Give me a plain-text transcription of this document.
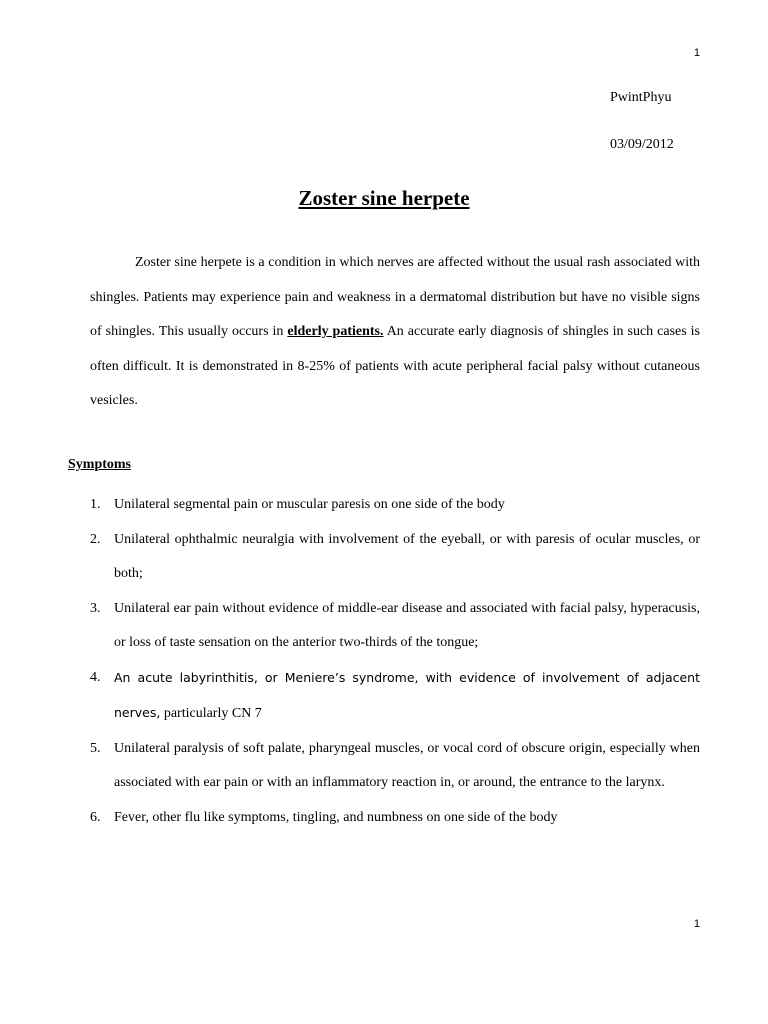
1
PwintPhyu
03/09/2012
Zoster sine herpete

Zoster sine herpete is a condition in which nerves are affected without the usual rash associated with shingles. Patients may experience pain and weakness in a dermatomal distribution but have no visible signs of shingles. This usually occurs in elderly patients. An accurate early diagnosis of shingles in such cases is often difficult. It is demonstrated in 8-25% of patients with acute peripheral facial palsy without cutaneous vesicles.

Symptoms
1. Unilateral segmental pain or muscular paresis on one side of the body
2. Unilateral ophthalmic neuralgia with involvement of the eyeball, or with paresis of ocular muscles, or both;
3. Unilateral ear pain without evidence of middle-ear disease and associated with facial palsy, hyperacusis, or loss of taste sensation on the anterior two-thirds of the tongue;
4. An acute labyrinthitis, or Meniere’s syndrome, with evidence of involvement of adjacent nerves, particularly CN 7
5. Unilateral paralysis of soft palate, pharyngeal muscles, or vocal cord of obscure origin, especially when associated with ear pain or with an inflammatory reaction in, or around, the entrance to the larynx.
6. Fever, other flu like symptoms, tingling, and numbness on one side of the body
1
